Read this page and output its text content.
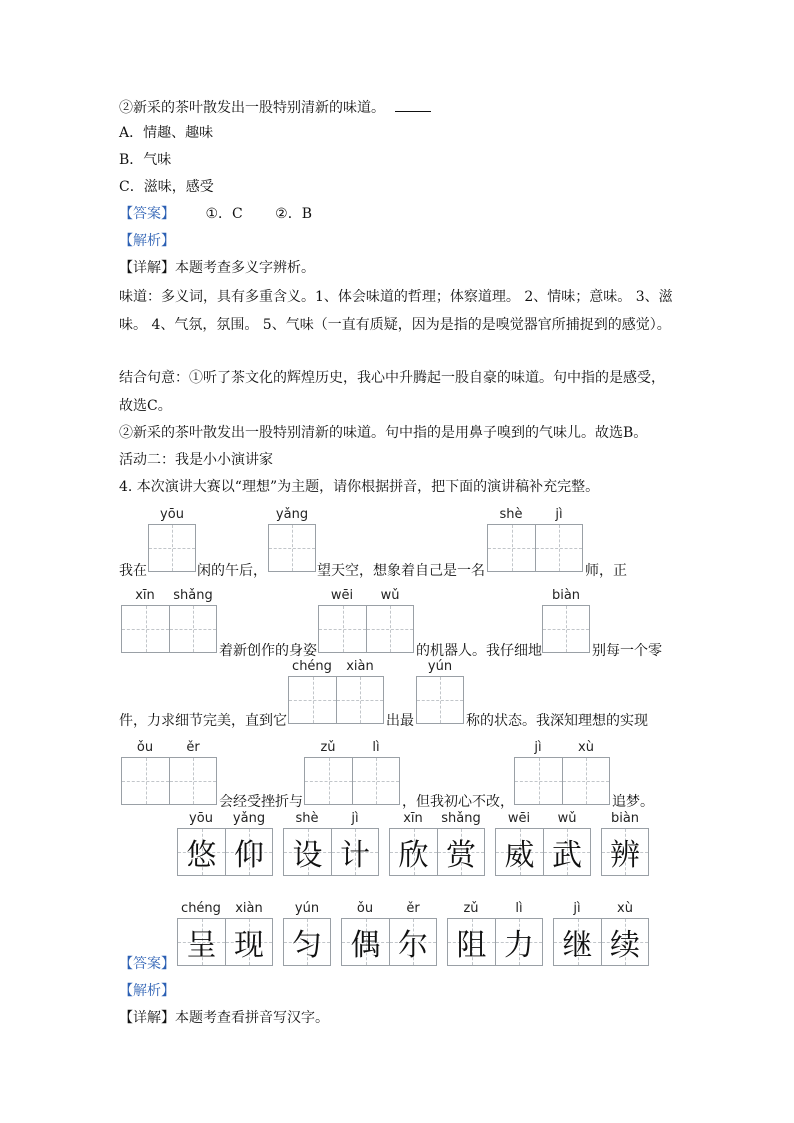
②新采的茶叶散发出一股特别清新的味道。
A．情趣、趣味
B．气味
C．滋味，感受
【答案】 ①．C ②．B
【解析】
【详解】本题考查多义字辨析。
味道：多义词，具有多重含义。1、体会味道的哲理；体察道理。 2、情味；意味。 3、滋
味。 4、气氛，氛围。 5、气味（一直有质疑，因为是指的是嗅觉器官所捕捉到的感觉）。
结合句意：①听了茶文化的辉煌历史，我心中升腾起一股自豪的味道。句中指的是感受，
故选C。
②新采的茶叶散发出一股特别清新的味道。句中指的是用鼻子嗅到的气味儿。故选B。
活动二：我是小小演讲家
4. 本次演讲大赛以“理想”为主题，请你根据拼音，把下面的演讲稿补充完整。
yōu	yǎng	shè	jì
我在	闲的午后，	望天空，想象着自己是一名	师，正
xīn	shǎng	wēi	wǔ	biàn
着新创作的身姿	的机器人。我仔细地	别每一个零
chéng	xiàn	yún
件，力求细节完美，直到它	出最	称的状态。我深知理想的实现
ǒu	ěr	zǔ	lì	jì	xù
会经受挫折与	，但我初心不改，	追梦。
yōu
悠
yǎng
仰
shè
设
jì
计
xīn
欣
shǎng
赏
wēi
威
wǔ
武
biàn
辨
chéng
呈
xiàn
现
yún
匀
ǒu
偶
ěr
尔
zǔ
阻
lì
力
jì
继
xù
续
【答案】
【解析】
【详解】本题考查看拼音写汉字。
